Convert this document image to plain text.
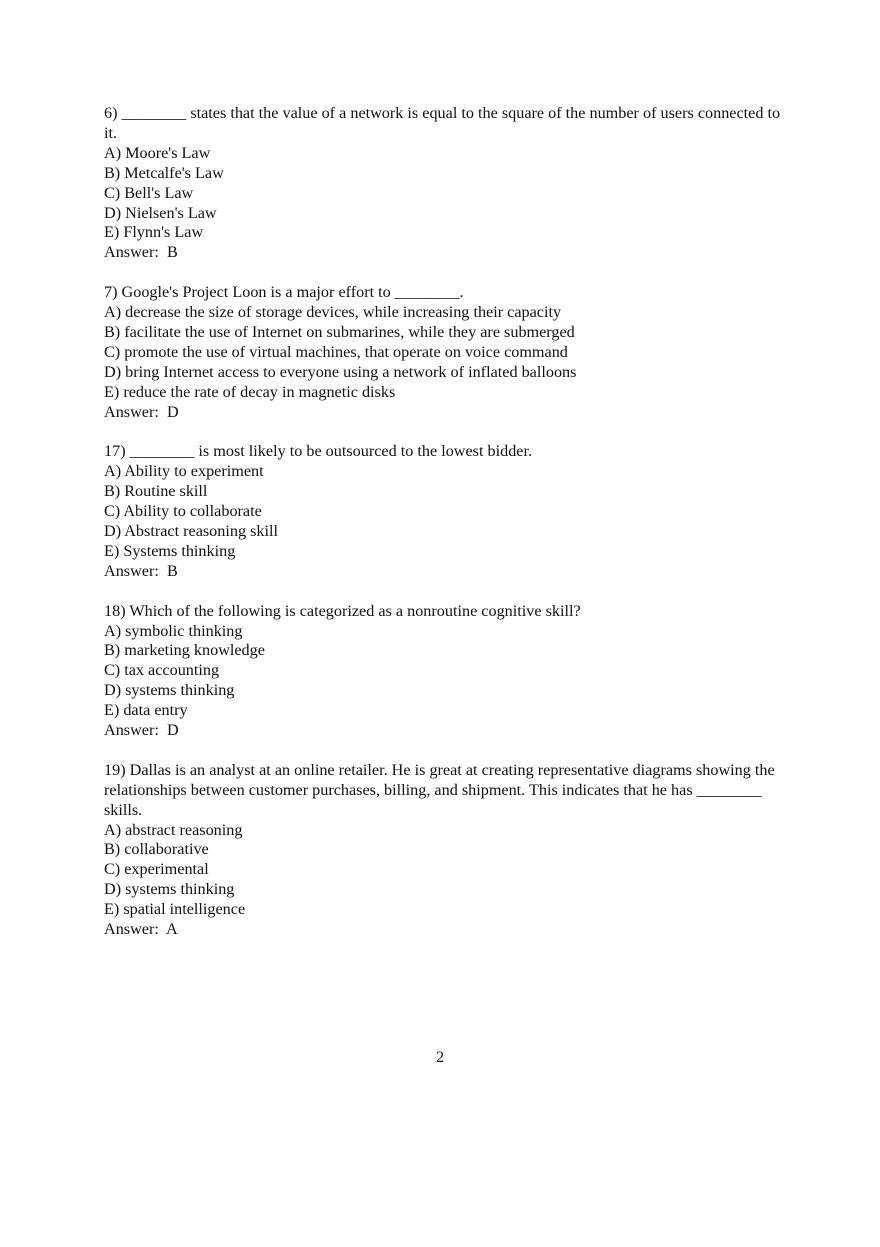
6) ________ states that the value of a network is equal to the square of the number of users connected to it.
A) Moore's Law
B) Metcalfe's Law
C) Bell's Law
D) Nielsen's Law
E) Flynn's Law
Answer:  B
7) Google's Project Loon is a major effort to ________.
A) decrease the size of storage devices, while increasing their capacity
B) facilitate the use of Internet on submarines, while they are submerged
C) promote the use of virtual machines, that operate on voice command
D) bring Internet access to everyone using a network of inflated balloons
E) reduce the rate of decay in magnetic disks
Answer:  D
17) ________ is most likely to be outsourced to the lowest bidder.
A) Ability to experiment
B) Routine skill
C) Ability to collaborate
D) Abstract reasoning skill
E) Systems thinking
Answer:  B
18) Which of the following is categorized as a nonroutine cognitive skill?
A) symbolic thinking
B) marketing knowledge
C) tax accounting
D) systems thinking
E) data entry
Answer:  D
19) Dallas is an analyst at an online retailer. He is great at creating representative diagrams showing the relationships between customer purchases, billing, and shipment. This indicates that he has ________ skills.
A) abstract reasoning
B) collaborative
C) experimental
D) systems thinking
E) spatial intelligence
Answer:  A
2
